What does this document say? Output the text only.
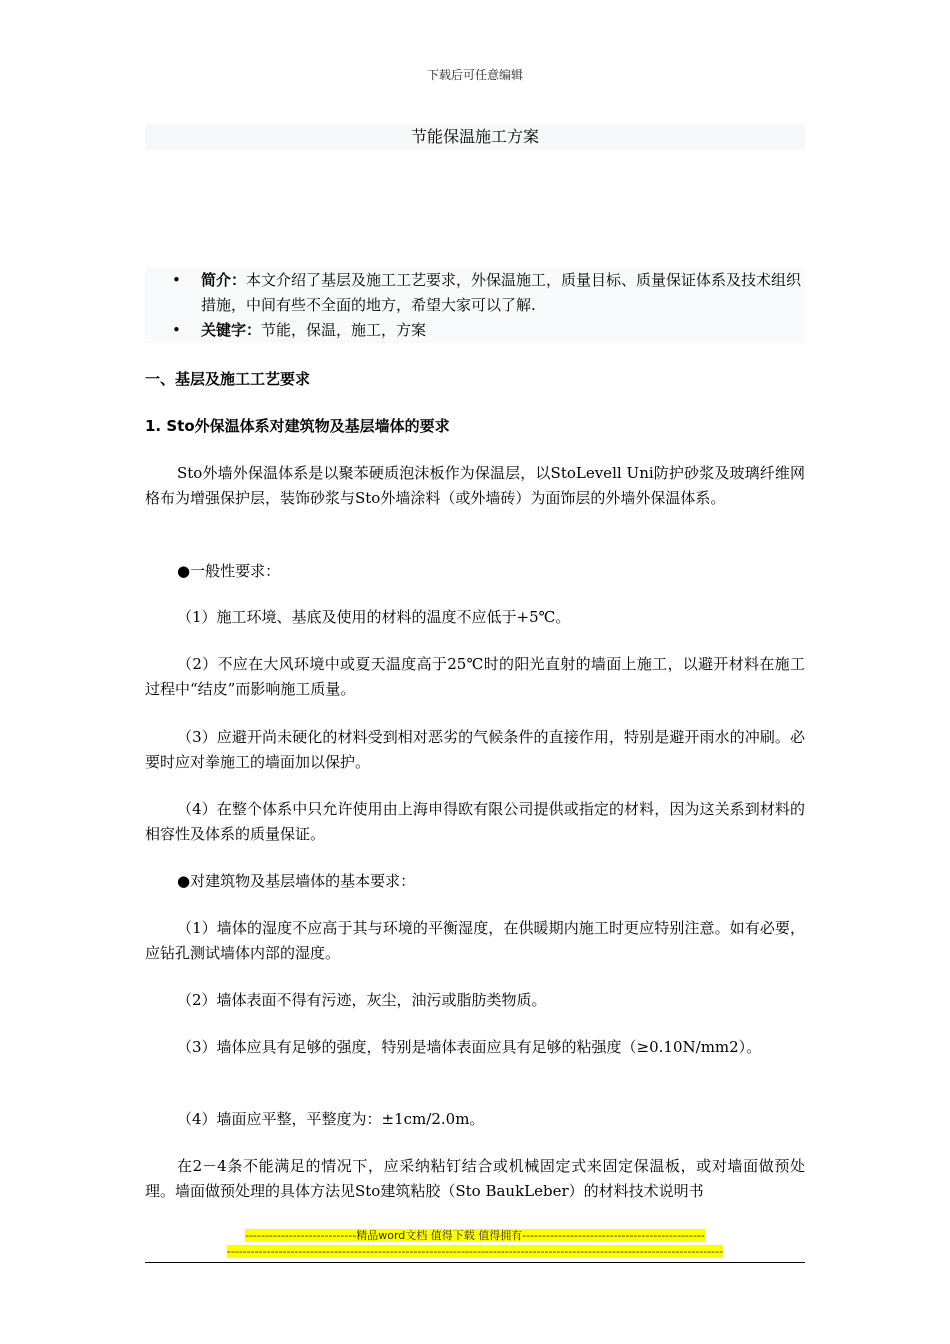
下载后可任意编辑
节能保温施工方案
• 简介：本文介绍了基层及施工工艺要求，外保温施工，质量目标、质量保证体系及技术组织措施，中间有些不全面的地方，希望大家可以了解.
• 关键字：节能，保温，施工，方案
一、基层及施工工艺要求
1. Sto外保温体系对建筑物及基层墙体的要求
Sto外墙外保温体系是以聚苯硬质泡沫板作为保温层，以StoLevell Uni防护砂浆及玻璃纤维网格布为增强保护层，装饰砂浆与Sto外墙涂料（或外墙砖）为面饰层的外墙外保温体系。
●一般性要求：
（1）施工环境、基底及使用的材料的温度不应低于+5℃。
（2）不应在大风环境中或夏天温度高于25℃时的阳光直射的墙面上施工，以避开材料在施工过程中“结皮”而影响施工质量。
（3）应避开尚未硬化的材料受到相对恶劣的气候条件的直接作用，特别是避开雨水的冲刷。必要时应对拳施工的墙面加以保护。
（4）在整个体系中只允许使用由上海申得欧有限公司提供或指定的材料，因为这关系到材料的相容性及体系的质量保证。
●对建筑物及基层墙体的基本要求：
（1）墙体的湿度不应高于其与环境的平衡湿度，在供暖期内施工时更应特别注意。如有必要，应钻孔测试墙体内部的湿度。
（2）墙体表面不得有污迹，灰尘，油污或脂肪类物质。
（3）墙体应具有足够的强度，特别是墙体表面应具有足够的粘强度（≥0.10N/mm2）。
（4）墙面应平整，平整度为：±1cm/2.0m。
在2－4条不能满足的情况下，应采纳粘钉结合或机械固定式来固定保温板，或对墙面做预处理。墙面做预处理的具体方法见Sto建筑粘胶（Sto BaukLeber）的材料技术说明书
----------------------------精品word文档 值得下载 值得拥有----------------------------------------------
-----------------------------------------------------------------------------------------------------------------------------
